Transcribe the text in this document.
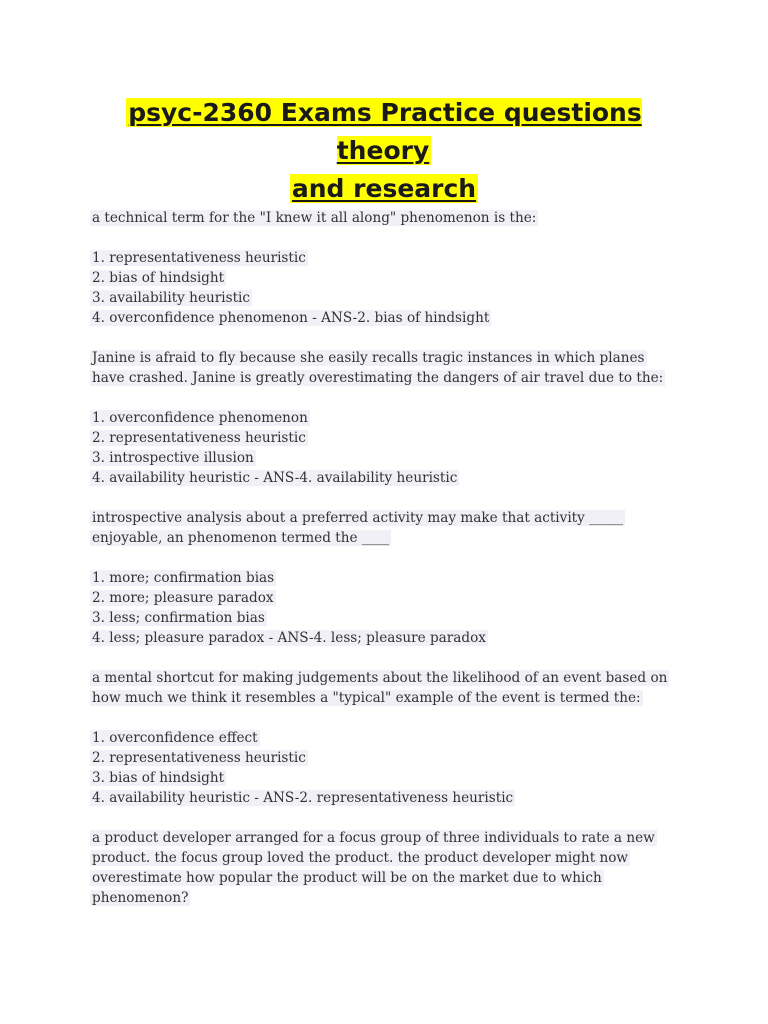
psyc-2360 Exams Practice questions theory
and research
a technical term for the "I knew it all along" phenomenon is the:
1. representativeness heuristic
2. bias of hindsight
3. availability heuristic
4. overconfidence phenomenon - ANS-2. bias of hindsight
Janine is afraid to fly because she easily recalls tragic instances in which planes
have crashed. Janine is greatly overestimating the dangers of air travel due to the:
1. overconfidence phenomenon
2. representativeness heuristic
3. introspective illusion
4. availability heuristic - ANS-4. availability heuristic
introspective analysis about a preferred activity may make that activity _____
enjoyable, an phenomenon termed the ____
1. more; confirmation bias
2. more; pleasure paradox
3. less; confirmation bias
4. less; pleasure paradox - ANS-4. less; pleasure paradox
a mental shortcut for making judgements about the likelihood of an event based on
how much we think it resembles a "typical" example of the event is termed the:
1. overconfidence effect
2. representativeness heuristic
3. bias of hindsight
4. availability heuristic - ANS-2. representativeness heuristic
a product developer arranged for a focus group of three individuals to rate a new
product. the focus group loved the product. the product developer might now
overestimate how popular the product will be on the market due to which
phenomenon?
